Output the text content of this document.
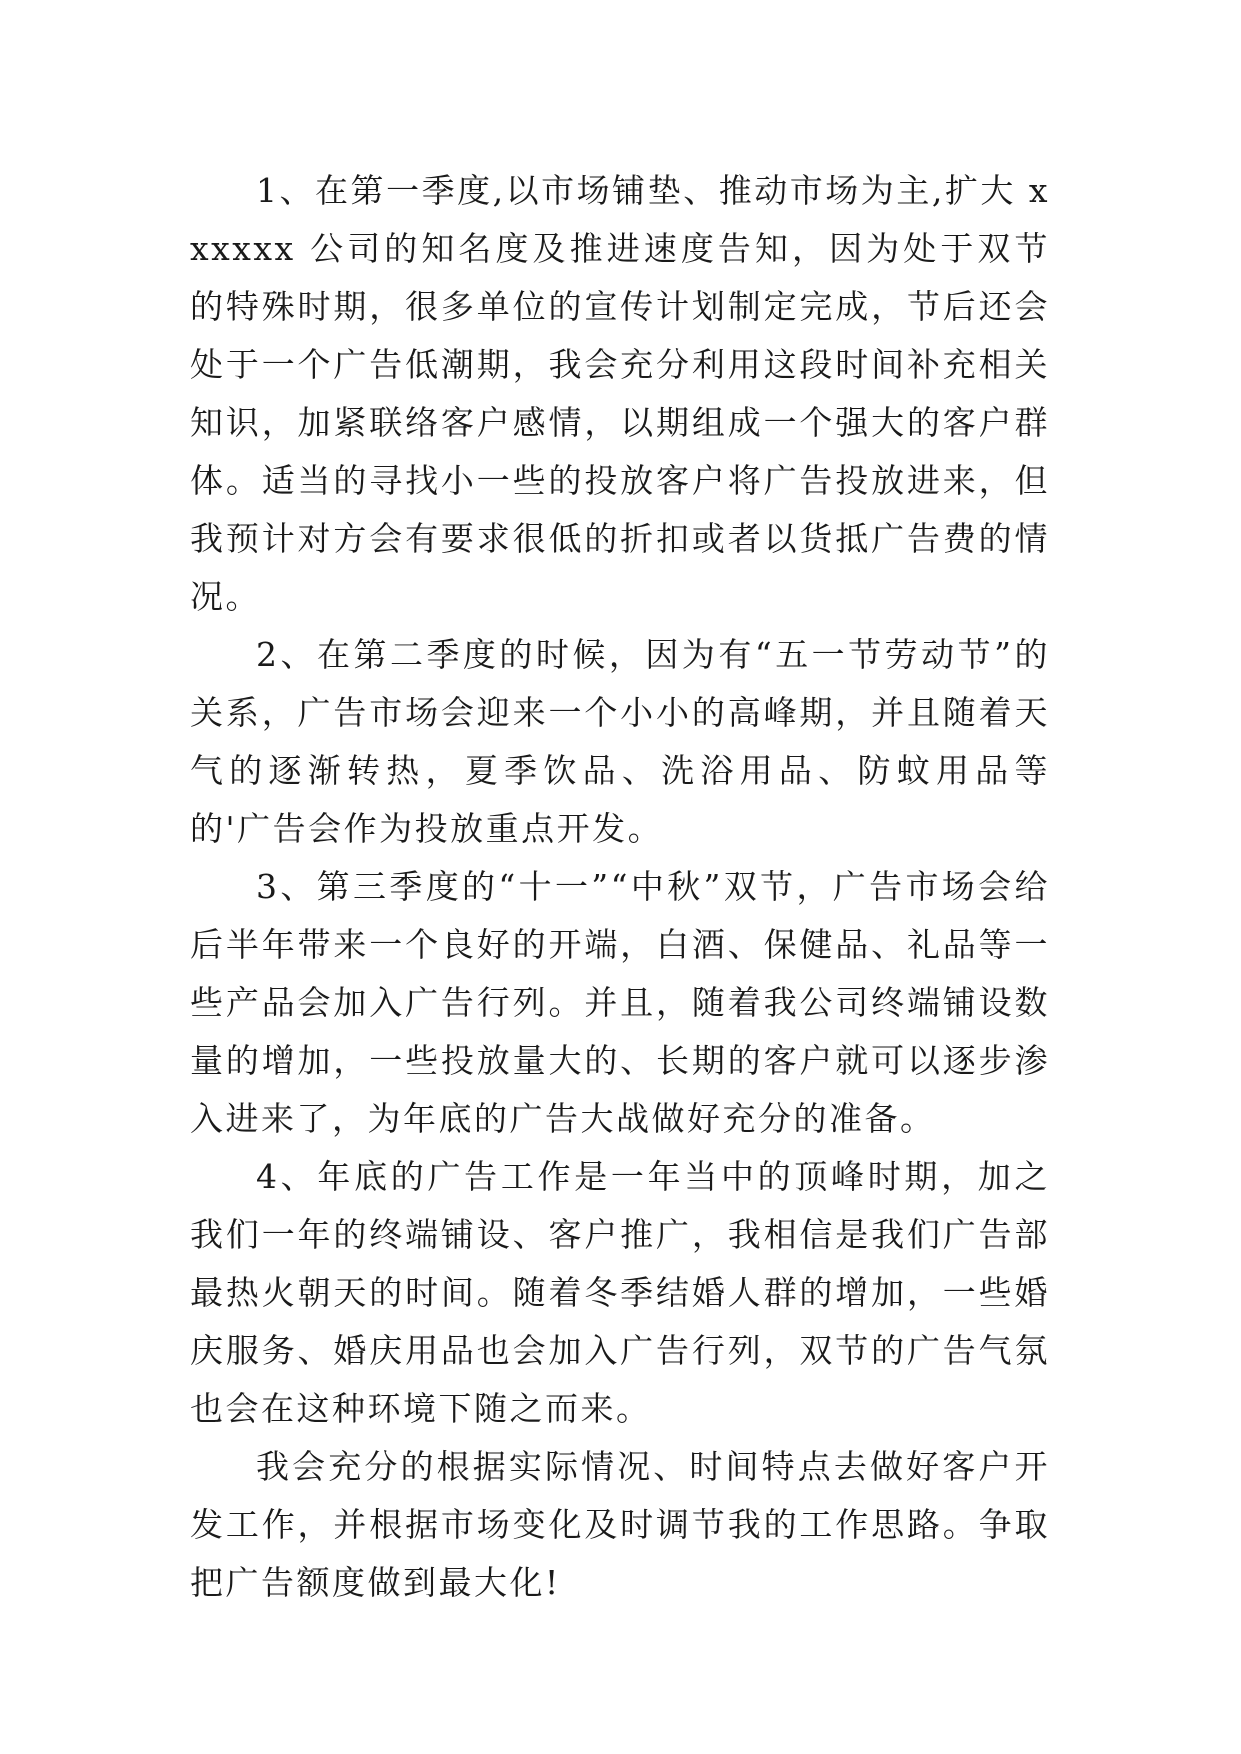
1、在第一季度,以市场铺垫、推动市场为主,扩大 xxxxxx 公司的知名度及推进速度告知，因为处于双节的特殊时期，很多单位的宣传计划制定完成，节后还会处于一个广告低潮期，我会充分利用这段时间补充相关知识，加紧联络客户感情，以期组成一个强大的客户群体。适当的寻找小一些的投放客户将广告投放进来，但我预计对方会有要求很低的折扣或者以货抵广告费的情况。

2、在第二季度的时候，因为有“五一节劳动节”的关系，广告市场会迎来一个小小的高峰期，并且随着天气的逐渐转热，夏季饮品、洗浴用品、防蚊用品等的'广告会作为投放重点开发。

3、第三季度的“十一”“中秋”双节，广告市场会给后半年带来一个良好的开端，白酒、保健品、礼品等一些产品会加入广告行列。并且，随着我公司终端铺设数量的增加，一些投放量大的、长期的客户就可以逐步渗入进来了，为年底的广告大战做好充分的准备。

4、年底的广告工作是一年当中的顶峰时期，加之我们一年的终端铺设、客户推广，我相信是我们广告部最热火朝天的时间。随着冬季结婚人群的增加，一些婚庆服务、婚庆用品也会加入广告行列，双节的广告气氛也会在这种环境下随之而来。

我会充分的根据实际情况、时间特点去做好客户开发工作，并根据市场变化及时调节我的工作思路。争取把广告额度做到最大化!
